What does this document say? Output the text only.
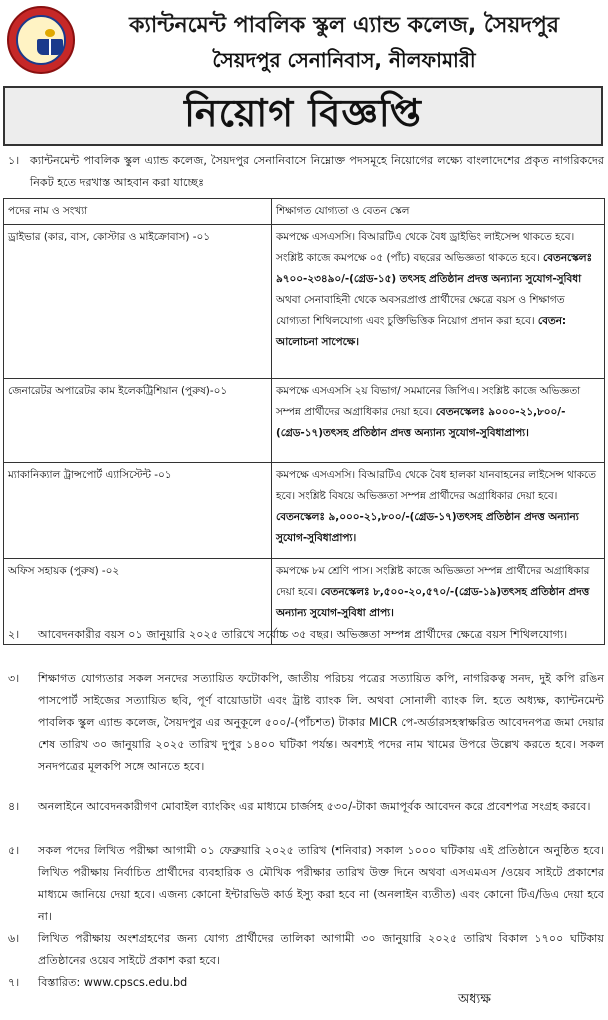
ক্যান্টনমেন্ট পাবলিক স্কুল এ্যান্ড কলেজ, সৈয়দপুর
সৈয়দপুর সেনানিবাস, নীলফামারী
নিয়োগ বিজ্ঞপ্তি
১। ক্যান্টনমেন্ট পাবলিক স্কুল এ্যান্ড কলেজ, সৈয়দপুর সেনানিবাসে নিম্নোক্ত পদসমূহে নিয়োগের লক্ষ্যে বাংলাদেশের প্রকৃত নাগরিকদের নিকট হতে দরখাস্ত আহবান করা যাচ্ছেঃ
পদের নাম ও সংখ্যা	শিক্ষাগত যোগ্যতা ও বেতন স্কেল
ড্রাইভার (কার, বাস, কোস্টার ও মাইক্রোবাস) -০১	কমপক্ষে এসএসসি। বিআরটিএ থেকে বৈধ ড্রাইভিং লাইসেন্স থাকতে হবে। সংশ্লিষ্ট কাজে কমপক্ষে ০৫ (পাঁচ) বছরের অভিজ্ঞতা থাকতে হবে। বেতনস্কেলঃ ৯৭০০-২৩৪৯০/-(গ্রেড-১৫) তৎসহ প্রতিষ্ঠান প্রদত্ত অন্যান্য সুযোগ-সুবিধা অথবা সেনাবাহিনী থেকে অবসরপ্রাপ্ত প্রার্থীদের ক্ষেত্রে বয়স ও শিক্ষাগত যোগ্যতা শিথিলযোগ্য এবং চুক্তিভিত্তিক নিয়োগ প্রদান করা হবে। বেতন: আলোচনা সাপেক্ষে।
জেনারেটর অপারেটর কাম ইলেকট্রিশিয়ান (পুরুষ)-০১	কমপক্ষে এসএসসি ২য় বিভাগ/ সমমানের জিপিএ। সংশ্লিষ্ট কাজে অভিজ্ঞতা সম্পন্ন প্রার্থীদের অগ্রাধিকার দেয়া হবে। বেতনস্কেলঃ ৯০০০-২১,৮০০/-(গ্রেড-১৭)তৎসহ প্রতিষ্ঠান প্রদত্ত অন্যান্য সুযোগ-সুবিধাপ্রাপ্য।
ম্যাকানিক্যাল ট্রান্সপোর্ট এ্যাসিস্টেন্ট -০১	কমপক্ষে এসএসসি। বিআরটিএ থেকে বৈধ হালকা যানবাহনের লাইসেন্স থাকতে হবে। সংশ্লিষ্ট বিষয়ে অভিজ্ঞতা সম্পন্ন প্রার্থীদের অগ্রাধিকার দেয়া হবে। বেতনস্কেলঃ ৯,০০০-২১,৮০০/-(গ্রেড-১৭)তৎসহ প্রতিষ্ঠান প্রদত্ত অন্যান্য সুযোগ-সুবিধাপ্রাপ্য।
অফিস সহায়ক (পুরুষ) -০২	কমপক্ষে ৮ম শ্রেণি পাস। সংশ্লিষ্ট কাজে অভিজ্ঞতা সম্পন্ন প্রার্থীদের অগ্রাধিকার দেয়া হবে। বেতনস্কেলঃ ৮,৫০০-২০,৫৭০/-(গ্রেড-১৯)তৎসহ প্রতিষ্ঠান প্রদত্ত অন্যান্য সুযোগ-সুবিধা প্রাপ্য।
২। আবেদনকারীর বয়স ০১ জানুয়ারি ২০২৫ তারিখে সর্বোচ্চ ৩৫ বছর। অভিজ্ঞতা সম্পন্ন প্রার্থীদের ক্ষেত্রে বয়স শিথিলযোগ্য।
৩। শিক্ষাগত যোগ্যতার সকল সনদের সত্যায়িত ফটোকপি, জাতীয় পরিচয় পত্রের সত্যায়িত কপি, নাগরিকত্ব সনদ, দুই কপি রঙিন পাসপোর্ট সাইজের সত্যায়িত ছবি, পূর্ণ বায়োডাটা এবং ট্রাষ্ট ব্যাংক লি. অথবা সোনালী ব্যাংক লি. হতে অধ্যক্ষ, ক্যান্টনমেন্ট পাবলিক স্কুল এ্যান্ড কলেজ, সৈয়দপুর এর অনুকূলে ৫০০/-(পাঁচশত) টাকার MICR পে-অর্ডারসহস্বাক্ষরিত আবেদনপত্র জমা দেয়ার শেষ তারিখ ৩০ জানুয়ারি ২০২৫ তারিখ দুপুর ১৪০০ ঘটিকা পর্যন্ত। অবশ্যই পদের নাম খামের উপরে উল্লেখ করতে হবে। সকল সনদপত্রের মূলকপি সঙ্গে আনতে হবে।
৪। অনলাইনে আবেদনকারীগণ মোবাইল ব্যাংকিং এর মাধ্যমে চার্জসহ ৫৩০/-টাকা জমাপূর্বক আবেদন করে প্রবেশপত্র সংগ্রহ করবে।
৫। সকল পদের লিখিত পরীক্ষা আগামী ০১ ফেব্রুয়ারি ২০২৫ তারিখ (শনিবার) সকাল ১০০০ ঘটিকায় এই প্রতিষ্ঠানে অনুষ্ঠিত হবে। লিখিত পরীক্ষায় নির্বাচিত প্রার্থীদের ব্যবহারিক ও মৌখিক পরীক্ষার তারিখ উক্ত দিনে অথবা এসএমএস /ওয়েব সাইটে প্রকাশের মাধ্যমে জানিয়ে দেয়া হবে। এজন্য কোনো ইন্টারভিউ কার্ড ইস্যু করা হবে না (অনলাইন ব্যতীত) এবং কোনো টিএ/ডিএ দেয়া হবে না।
৬। লিখিত পরীক্ষায় অংশগ্রহণের জন্য যোগ্য প্রার্থীদের তালিকা আগামী ৩০ জানুয়ারি ২০২৫ তারিখ বিকাল ১৭০০ ঘটিকায় প্রতিষ্ঠানের ওয়েব সাইটে প্রকাশ করা হবে।
৭। বিস্তারিত: www.cpscs.edu.bd
অধ্যক্ষ
